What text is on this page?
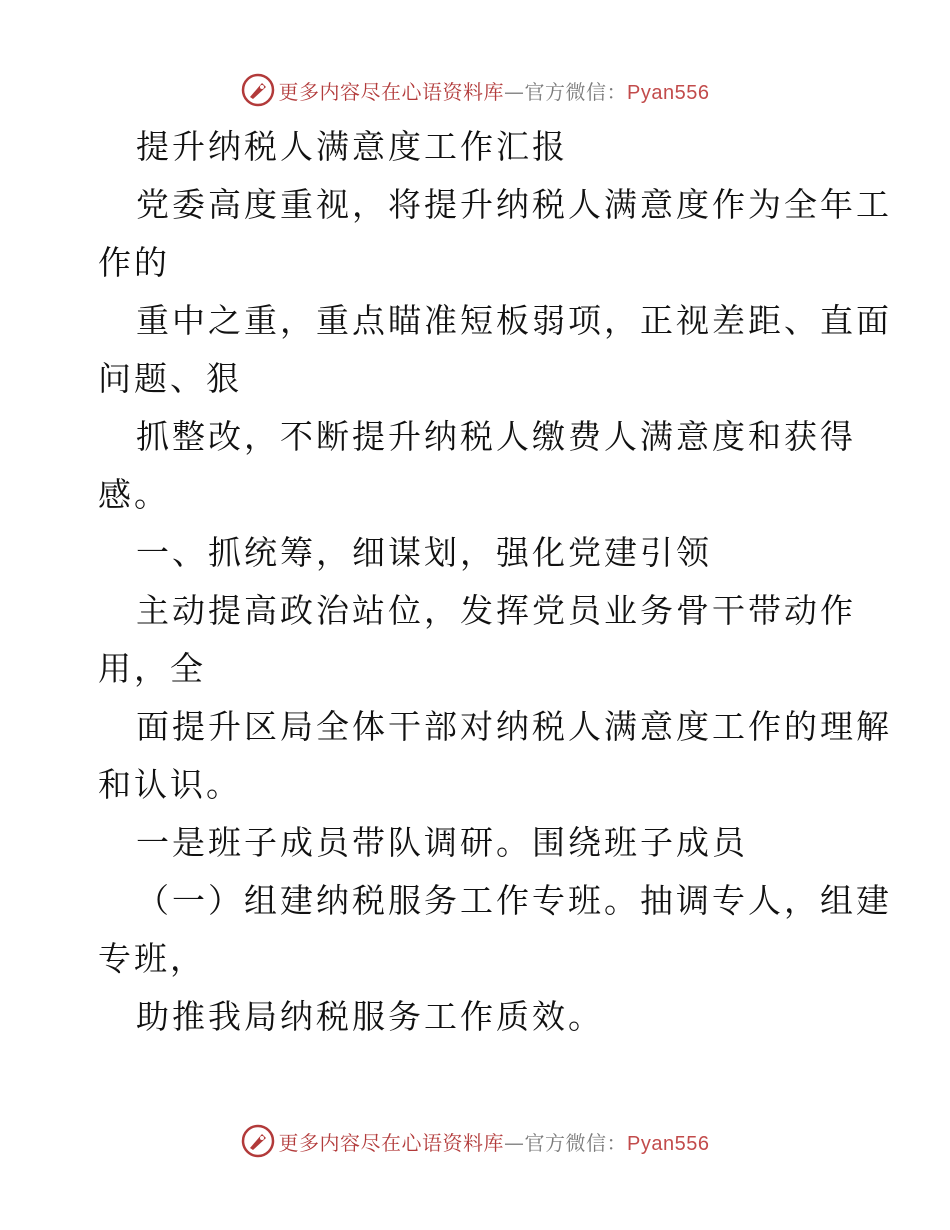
更多内容尽在心语资料库—官方微信：Pyan556
提升纳税人满意度工作汇报
党委高度重视，将提升纳税人满意度作为全年工
作的
重中之重，重点瞄准短板弱项，正视差距、直面
问题、狠
抓整改，不断提升纳税人缴费人满意度和获得
感。
一、抓统筹，细谋划，强化党建引领
主动提高政治站位，发挥党员业务骨干带动作
用，全
面提升区局全体干部对纳税人满意度工作的理解
和认识。
一是班子成员带队调研。围绕班子成员
（一）组建纳税服务工作专班。抽调专人，组建
专班，
助推我局纳税服务工作质效。
更多内容尽在心语资料库—官方微信：Pyan556
